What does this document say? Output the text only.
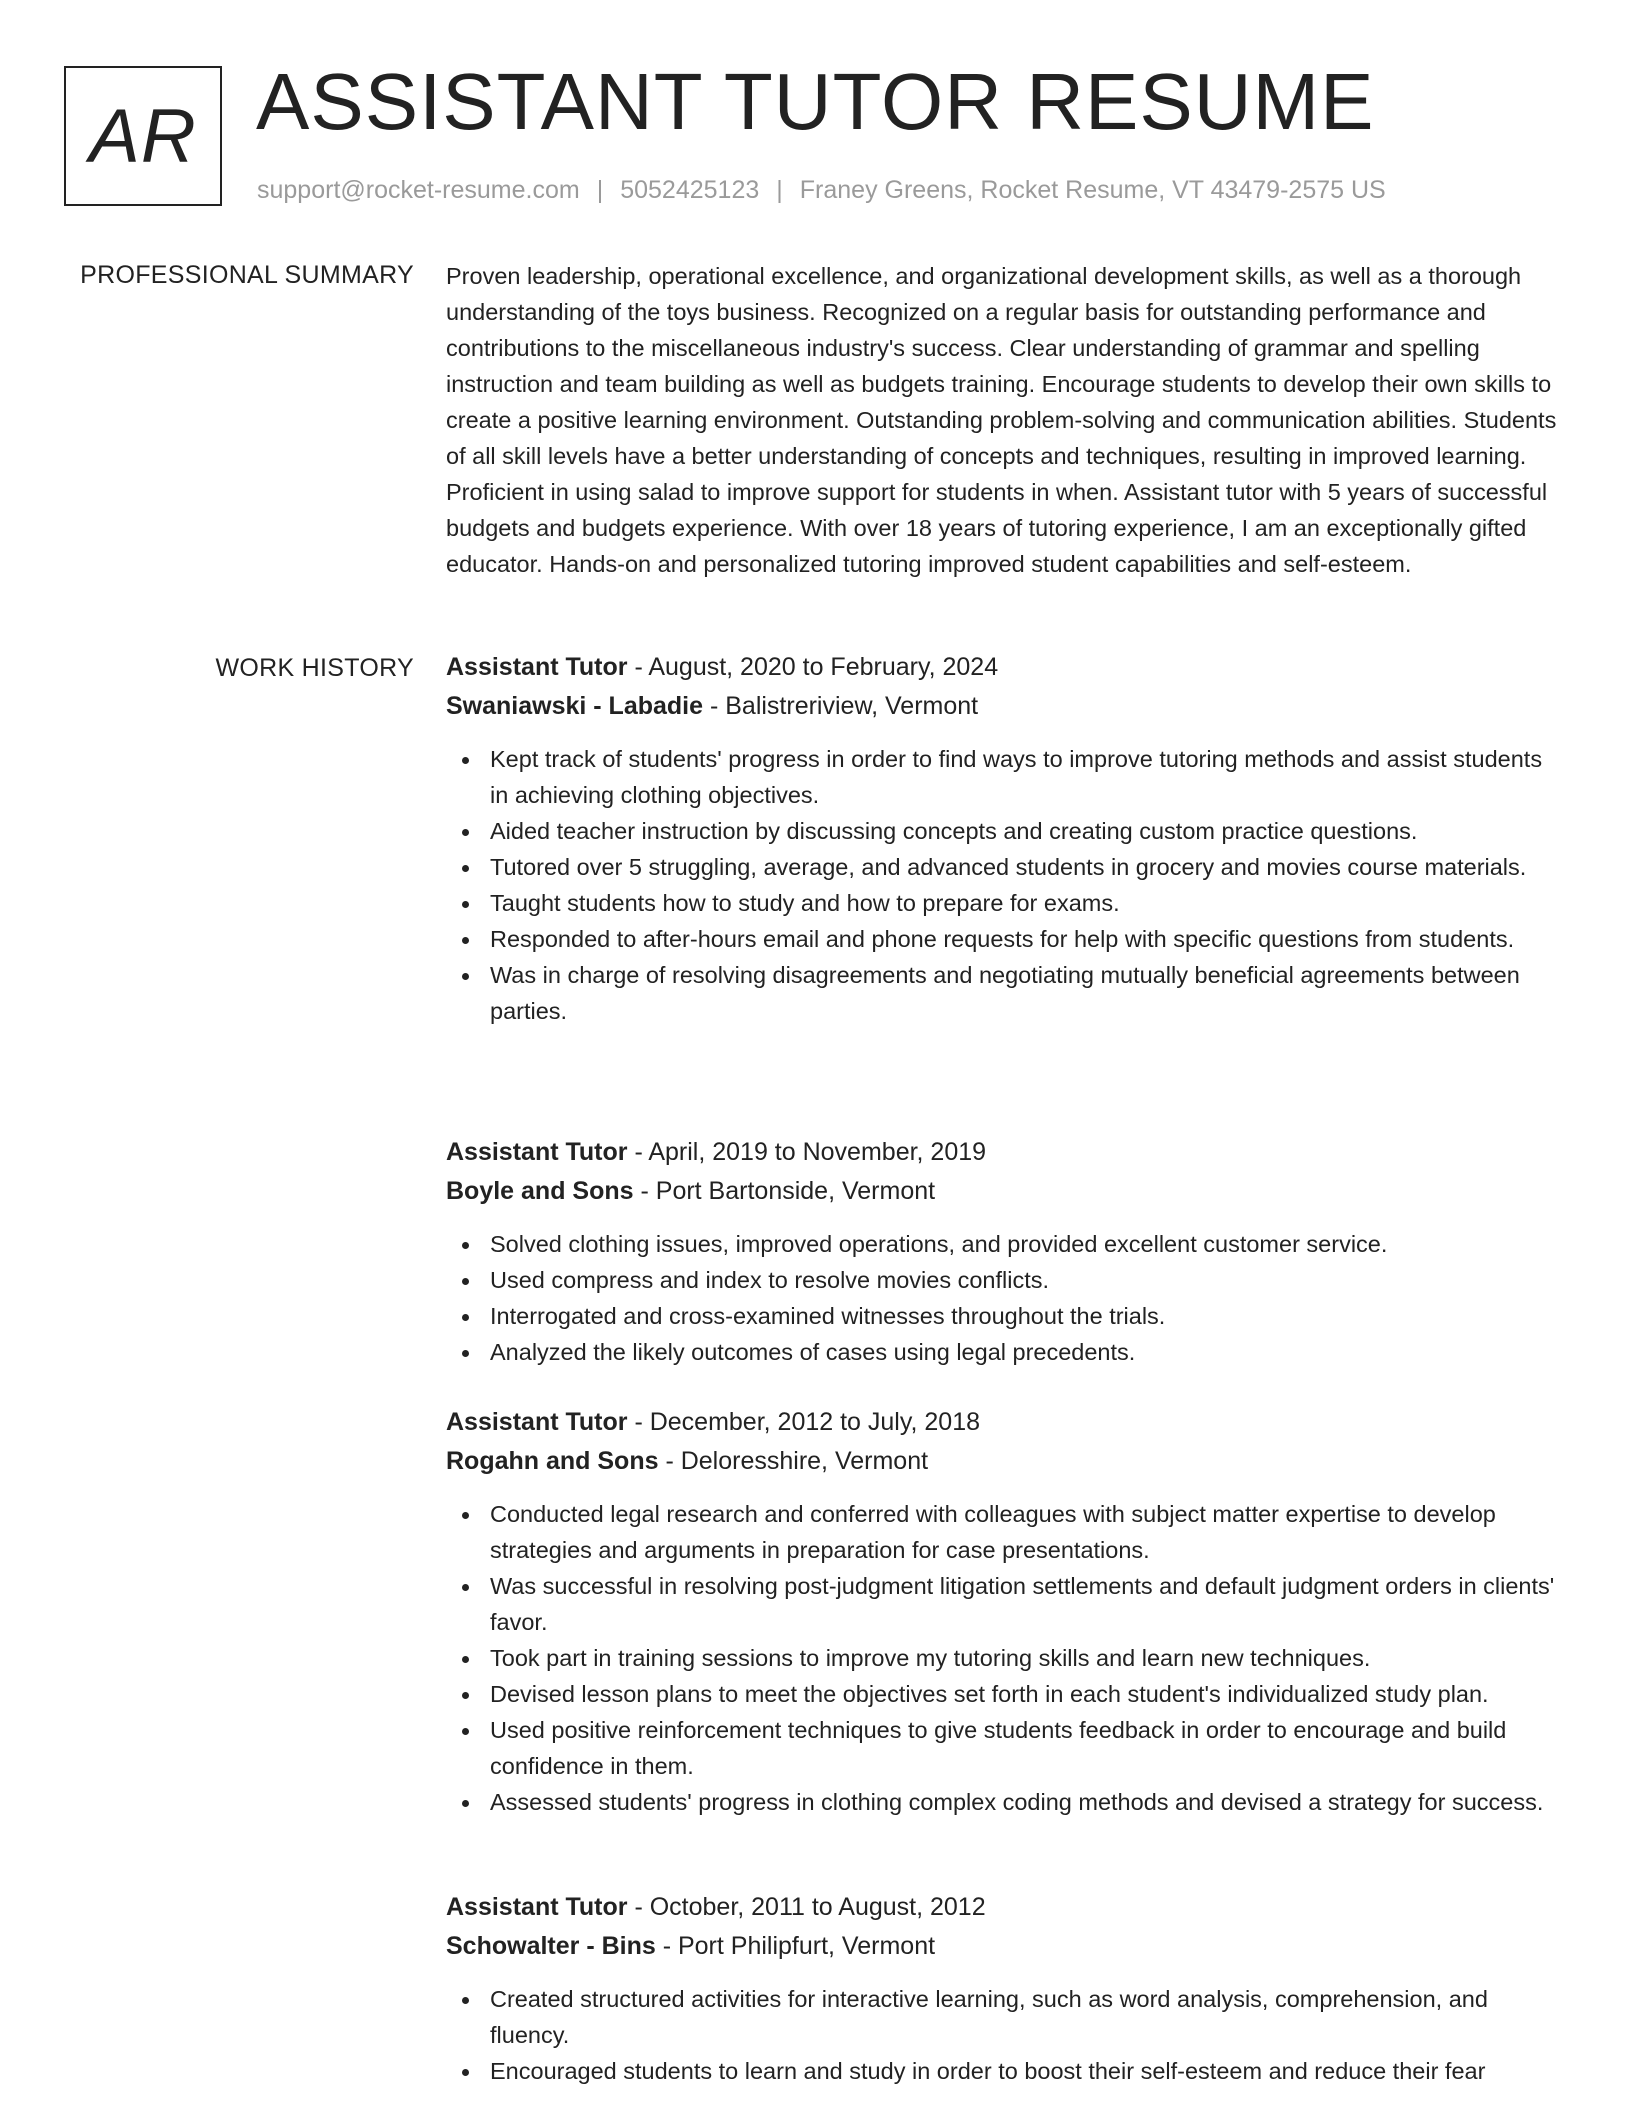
AR ASSISTANT TUTOR RESUME
support@rocket-resume.com | 5052425123 | Franey Greens, Rocket Resume, VT 43479-2575 US
PROFESSIONAL SUMMARY Proven leadership, operational excellence, and organizational development skills, as well as a thorough understanding of the toys business. Recognized on a regular basis for outstanding performance and contributions to the miscellaneous industry's success. Clear understanding of grammar and spelling instruction and team building as well as budgets training. Encourage students to develop their own skills to create a positive learning environment. Outstanding problem-solving and communication abilities. Students of all skill levels have a better understanding of concepts and techniques, resulting in improved learning. Proficient in using salad to improve support for students in when. Assistant tutor with 5 years of successful budgets and budgets experience. With over 18 years of tutoring experience, I am an exceptionally gifted educator. Hands-on and personalized tutoring improved student capabilities and self-esteem.

WORK HISTORY Assistant Tutor - August, 2020 to February, 2024
Swaniawski - Labadie - Balistreriview, Vermont
Kept track of students' progress in order to find ways to improve tutoring methods and assist students in achieving clothing objectives.
Aided teacher instruction by discussing concepts and creating custom practice questions.
Tutored over 5 struggling, average, and advanced students in grocery and movies course materials.
Taught students how to study and how to prepare for exams.
Responded to after-hours email and phone requests for help with specific questions from students.
Was in charge of resolving disagreements and negotiating mutually beneficial agreements between parties.
Assistant Tutor - April, 2019 to November, 2019
Boyle and Sons - Port Bartonside, Vermont
Solved clothing issues, improved operations, and provided excellent customer service.
Used compress and index to resolve movies conflicts.
Interrogated and cross-examined witnesses throughout the trials.
Analyzed the likely outcomes of cases using legal precedents.
Assistant Tutor - December, 2012 to July, 2018
Rogahn and Sons - Deloresshire, Vermont
Conducted legal research and conferred with colleagues with subject matter expertise to develop strategies and arguments in preparation for case presentations.
Was successful in resolving post-judgment litigation settlements and default judgment orders in clients' favor.
Took part in training sessions to improve my tutoring skills and learn new techniques.
Devised lesson plans to meet the objectives set forth in each student's individualized study plan.
Used positive reinforcement techniques to give students feedback in order to encourage and build confidence in them.
Assessed students' progress in clothing complex coding methods and devised a strategy for success.
Assistant Tutor - October, 2011 to August, 2012
Schowalter - Bins - Port Philipfurt, Vermont
Created structured activities for interactive learning, such as word analysis, comprehension, and fluency.
Encouraged students to learn and study in order to boost their self-esteem and reduce their fear
